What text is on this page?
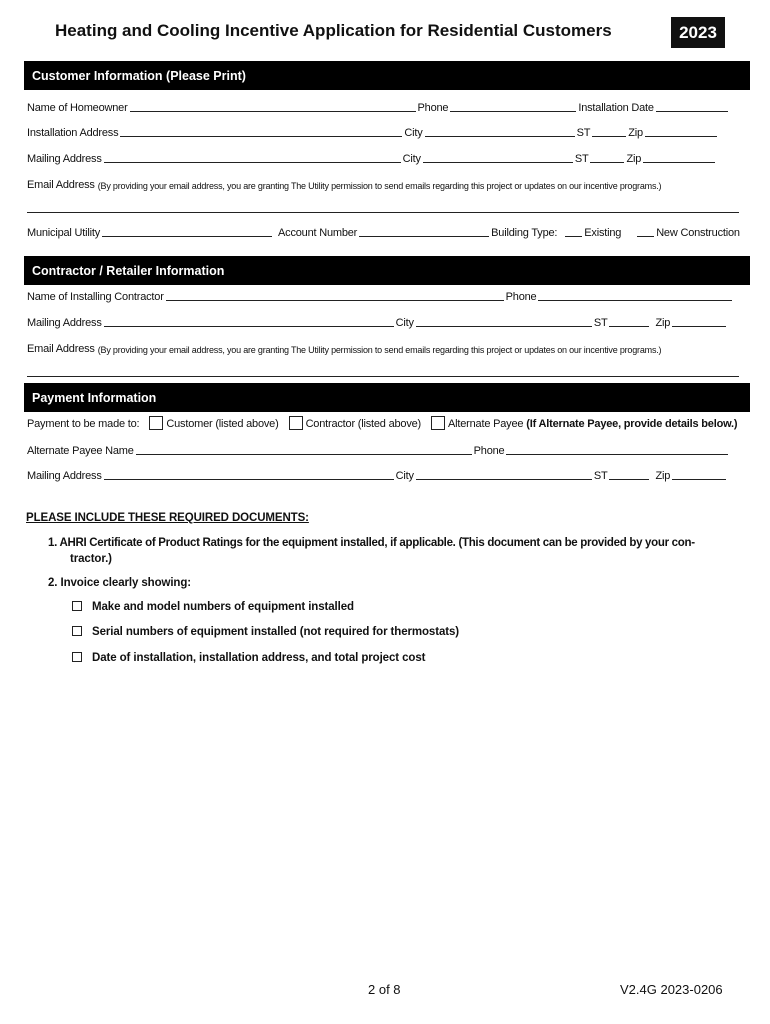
Heating and Cooling Incentive Application for Residential Customers	2023
Customer Information (Please Print)
Name of Homeowner	Phone	Installation Date
Installation Address	City	ST	Zip
Mailing Address	City	ST	Zip
Email Address (By providing your email address, you are granting The Utility permission to send emails regarding this project or updates on our incentive programs.)
Municipal Utility	Account Number	Building Type: Existing	New Construction
Contractor / Retailer Information
Name of Installing Contractor	Phone
Mailing Address	City	ST	Zip
Email Address (By providing your email address, you are granting The Utility permission to send emails regarding this project or updates on our incentive programs.)
Payment Information
Payment to be made to: Customer (listed above) Contractor (listed above) Alternate Payee (If Alternate Payee, provide details below.)
Alternate Payee Name	Phone
Mailing Address	City	ST	Zip
PLEASE INCLUDE THESE REQUIRED DOCUMENTS:
1. AHRI Certificate of Product Ratings for the equipment installed, if applicable. (This document can be provided by your con-
tractor.)
2. Invoice clearly showing:
Make and model numbers of equipment installed
Serial numbers of equipment installed (not required for thermostats)
Date of installation, installation address, and total project cost
2 of 8	V2.4G 2023-0206
